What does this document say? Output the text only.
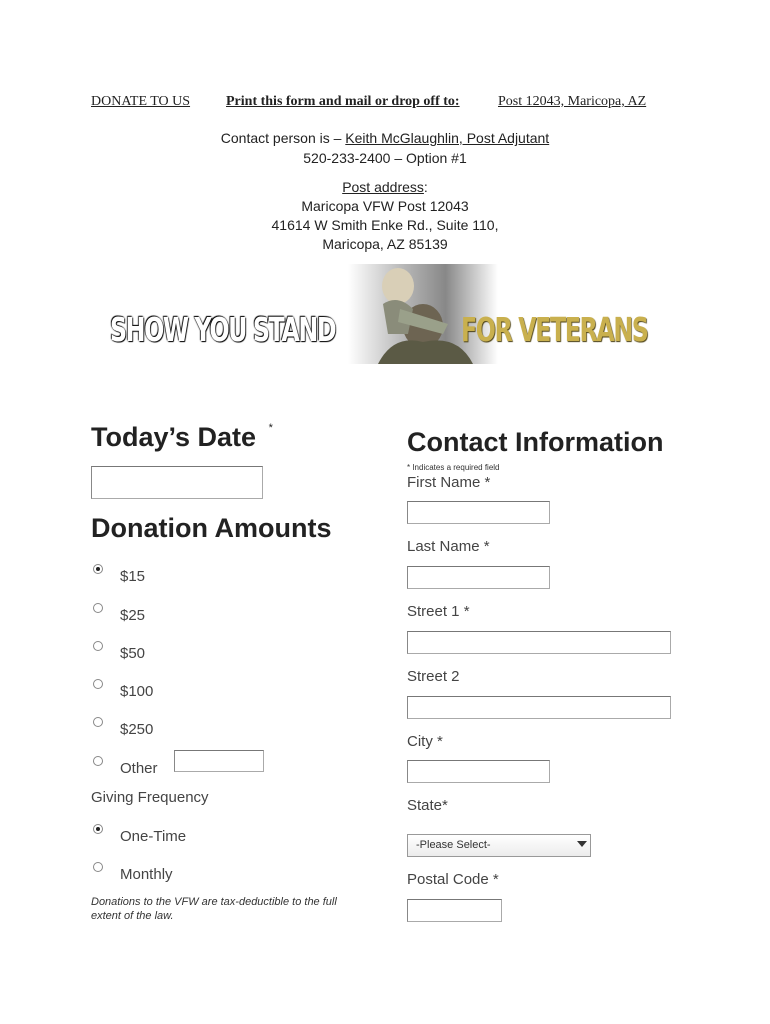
DONATE TO US	Print this form and mail or drop off to:	Post 12043, Maricopa, AZ
Contact person is – Keith McGlaughlin, Post Adjutant
520-233-2400 – Option #1
Post address:
Maricopa VFW Post 12043
41614 W Smith Enke Rd., Suite 110,
Maricopa, AZ 85139
SHOW YOU STAND	FOR VETERANS
Today’s Date *
Donation Amounts
$15
$25
$50
$100
$250
Other
Giving Frequency
One-Time
Monthly
Donations to the VFW are tax-deductible to the full extent of the law.
Contact Information
* Indicates a required field
First Name *
Last Name *
Street 1 *
Street 2
City *
State*
-Please Select-
Postal Code *
